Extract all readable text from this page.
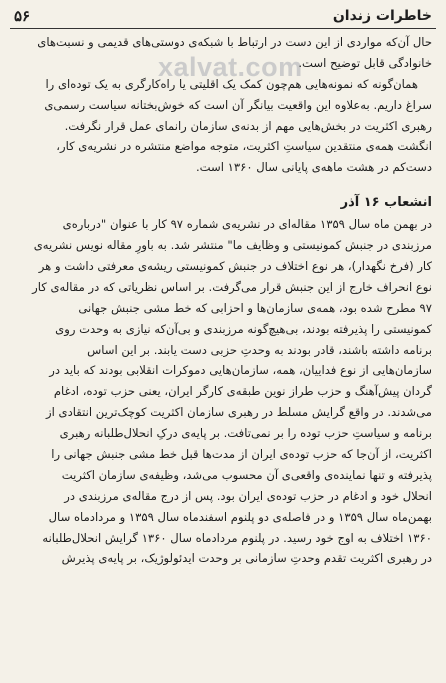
۵۶	خاطرات زندان
xalvat.com
حال آن‌که مواردی از این دست در ارتباط با شبکه‌ی دوستی‌های قدیمی و نسبت‌های
خانوادگی قابل توضیح است.
همان‌گونه که نمونه‌هایی هم‌چون کمک یک اقلیتی یا راه‌کارگری به یک توده‌ای را
سراغ داریم. به‌علاوه این واقعیت بیانگر آن است که خوش‌بختانه سیاست رسمی‌ی
رهبری اکثریت در بخش‌هایی مهم از بدنه‌ی سازمان را‌نمای عمل قرار نگرفت.
انگشت همه‌ی منتقدین سیاستِ اکثریت، متوجه مواضع منتشره در نشریه‌ی کار،
دست‌کم در هشت ماهه‌ی پایانی سال ۱۳۶۰ است.
انشعاب ۱۶ آذر
در بهمن ماه سال ۱۳۵۹ مقاله‌ای در نشریه‌ی شماره ۹۷ کار با عنوان "درباره‌ی
مرزبندی در جنبش کمونیستی و وظایف ما" منتشر شد. به باورِ مقاله نویس نشریه‌ی
کار (فرخ نگهدار)، هر نوع اختلاف در جنبش کمونیستی ریشه‌ی معرفتی داشت و هر
نوع انحراف خارج از این جنبش قرار می‌گرفت. بر اساس نظریاتی که در مقاله‌ی کار
۹۷ مطرح شده بود، همه‌ی سازمان‌ها و احزابی که خط مشی جنبش جهانی
کمونیستی را پذیرفته بودند، بی‌هیچ‌گونه مرزبندی و بی‌آن‌که نیازی به وحدت روی
برنامه داشته باشند، قادر بودند به وحدتِ حزبی دست یابند. بر این اساس
سازمان‌هایی از نوع فداییان، همه، سازمان‌هایی دموکرات انقلابی بودند که باید در
گردان پیش‌آهنگ و حزب طراز نوین طبقه‌ی کارگر ایران، یعنی حزب توده، ادغام
می‌شدند. در واقع گرایش مسلط در رهبری سازمان اکثریت کوچک‌ترین انتقادی از
برنامه و سیاستِ حزب توده را بر نمی‌تافت. بر پایه‌ی درکِ انحلال‌طلبانه رهبری
اکثریت، از آن‌جا که حزب توده‌ی ایران از مدت‌ها قبل خط مشی جنبش جهانی را
پذیرفته و تنها نماینده‌ی واقعی‌ی آن محسوب می‌شد، وظیفه‌ی سازمان اکثریت
انحلال خود و ادغام در حزب توده‌ی ایران بود. پس از درج مقاله‌ی مرزبندی در
بهمن‌ماه سال ۱۳۵۹ و در فاصله‌ی دو پلنوم اسفندماه سال ۱۳۵۹ و مردادماه سال
۱۳۶۰ اختلاف به اوج خود رسید. در پلنوم مردادماه سال ۱۳۶۰ گرایش انحلال‌طلبانه
در رهبری اکثریت تقدم وحدتِ سازمانی بر وحدت ایدئولوژیک، بر پایه‌ی پذیرش
